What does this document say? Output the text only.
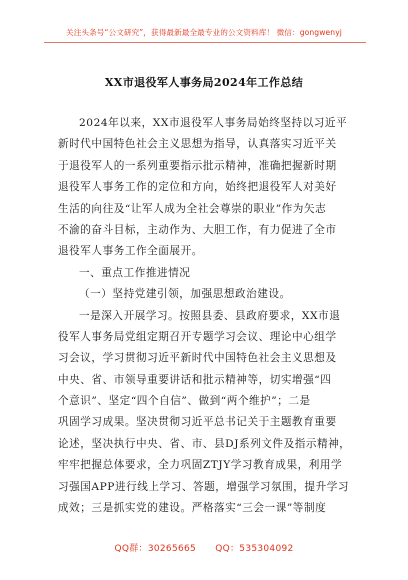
关注头条号“公文研究”，获得最新最全最专业的公文资料库！ 微信：gongwenyj
XX市退役军人事务局2024年工作总结
2024年以来，XX市退役军人事务局始终坚持以习近平
新时代中国特色社会主义思想为指导，认真落实习近平关
于退役军人的一系列重要指示批示精神，准确把握新时期
退役军人事务工作的定位和方向，始终把退役军人对美好
生活的向往及“让军人成为全社会尊崇的职业”作为矢志
不渝的奋斗目标，主动作为、大胆工作，有力促进了全市
退役军人事务工作全面展开。
一、重点工作推进情况
（一）坚持党建引领，加强思想政治建设。
一是深入开展学习。按照县委、县政府要求，XX市退
役军人事务局党组定期召开专题学习会议、理论中心组学
习会议，学习贯彻习近平新时代中国特色社会主义思想及
中央、省、市领导重要讲话和批示精神等，切实增强“四
个意识”、坚定“四个自信”、做到“两个维护”；二是
巩固学习成果。坚决贯彻习近平总书记关于主题教育重要
论述，坚决执行中央、省、市、县DJ系列文件及指示精神，
牢牢把握总体要求，全力巩固ZTJY学习教育成果，利用学
习强国APP进行线上学习、答题，增强学习氛围，提升学习
成效；三是抓实党的建设。严格落实“三会一课”等制度
QQ群：30265665 QQ：535304092
